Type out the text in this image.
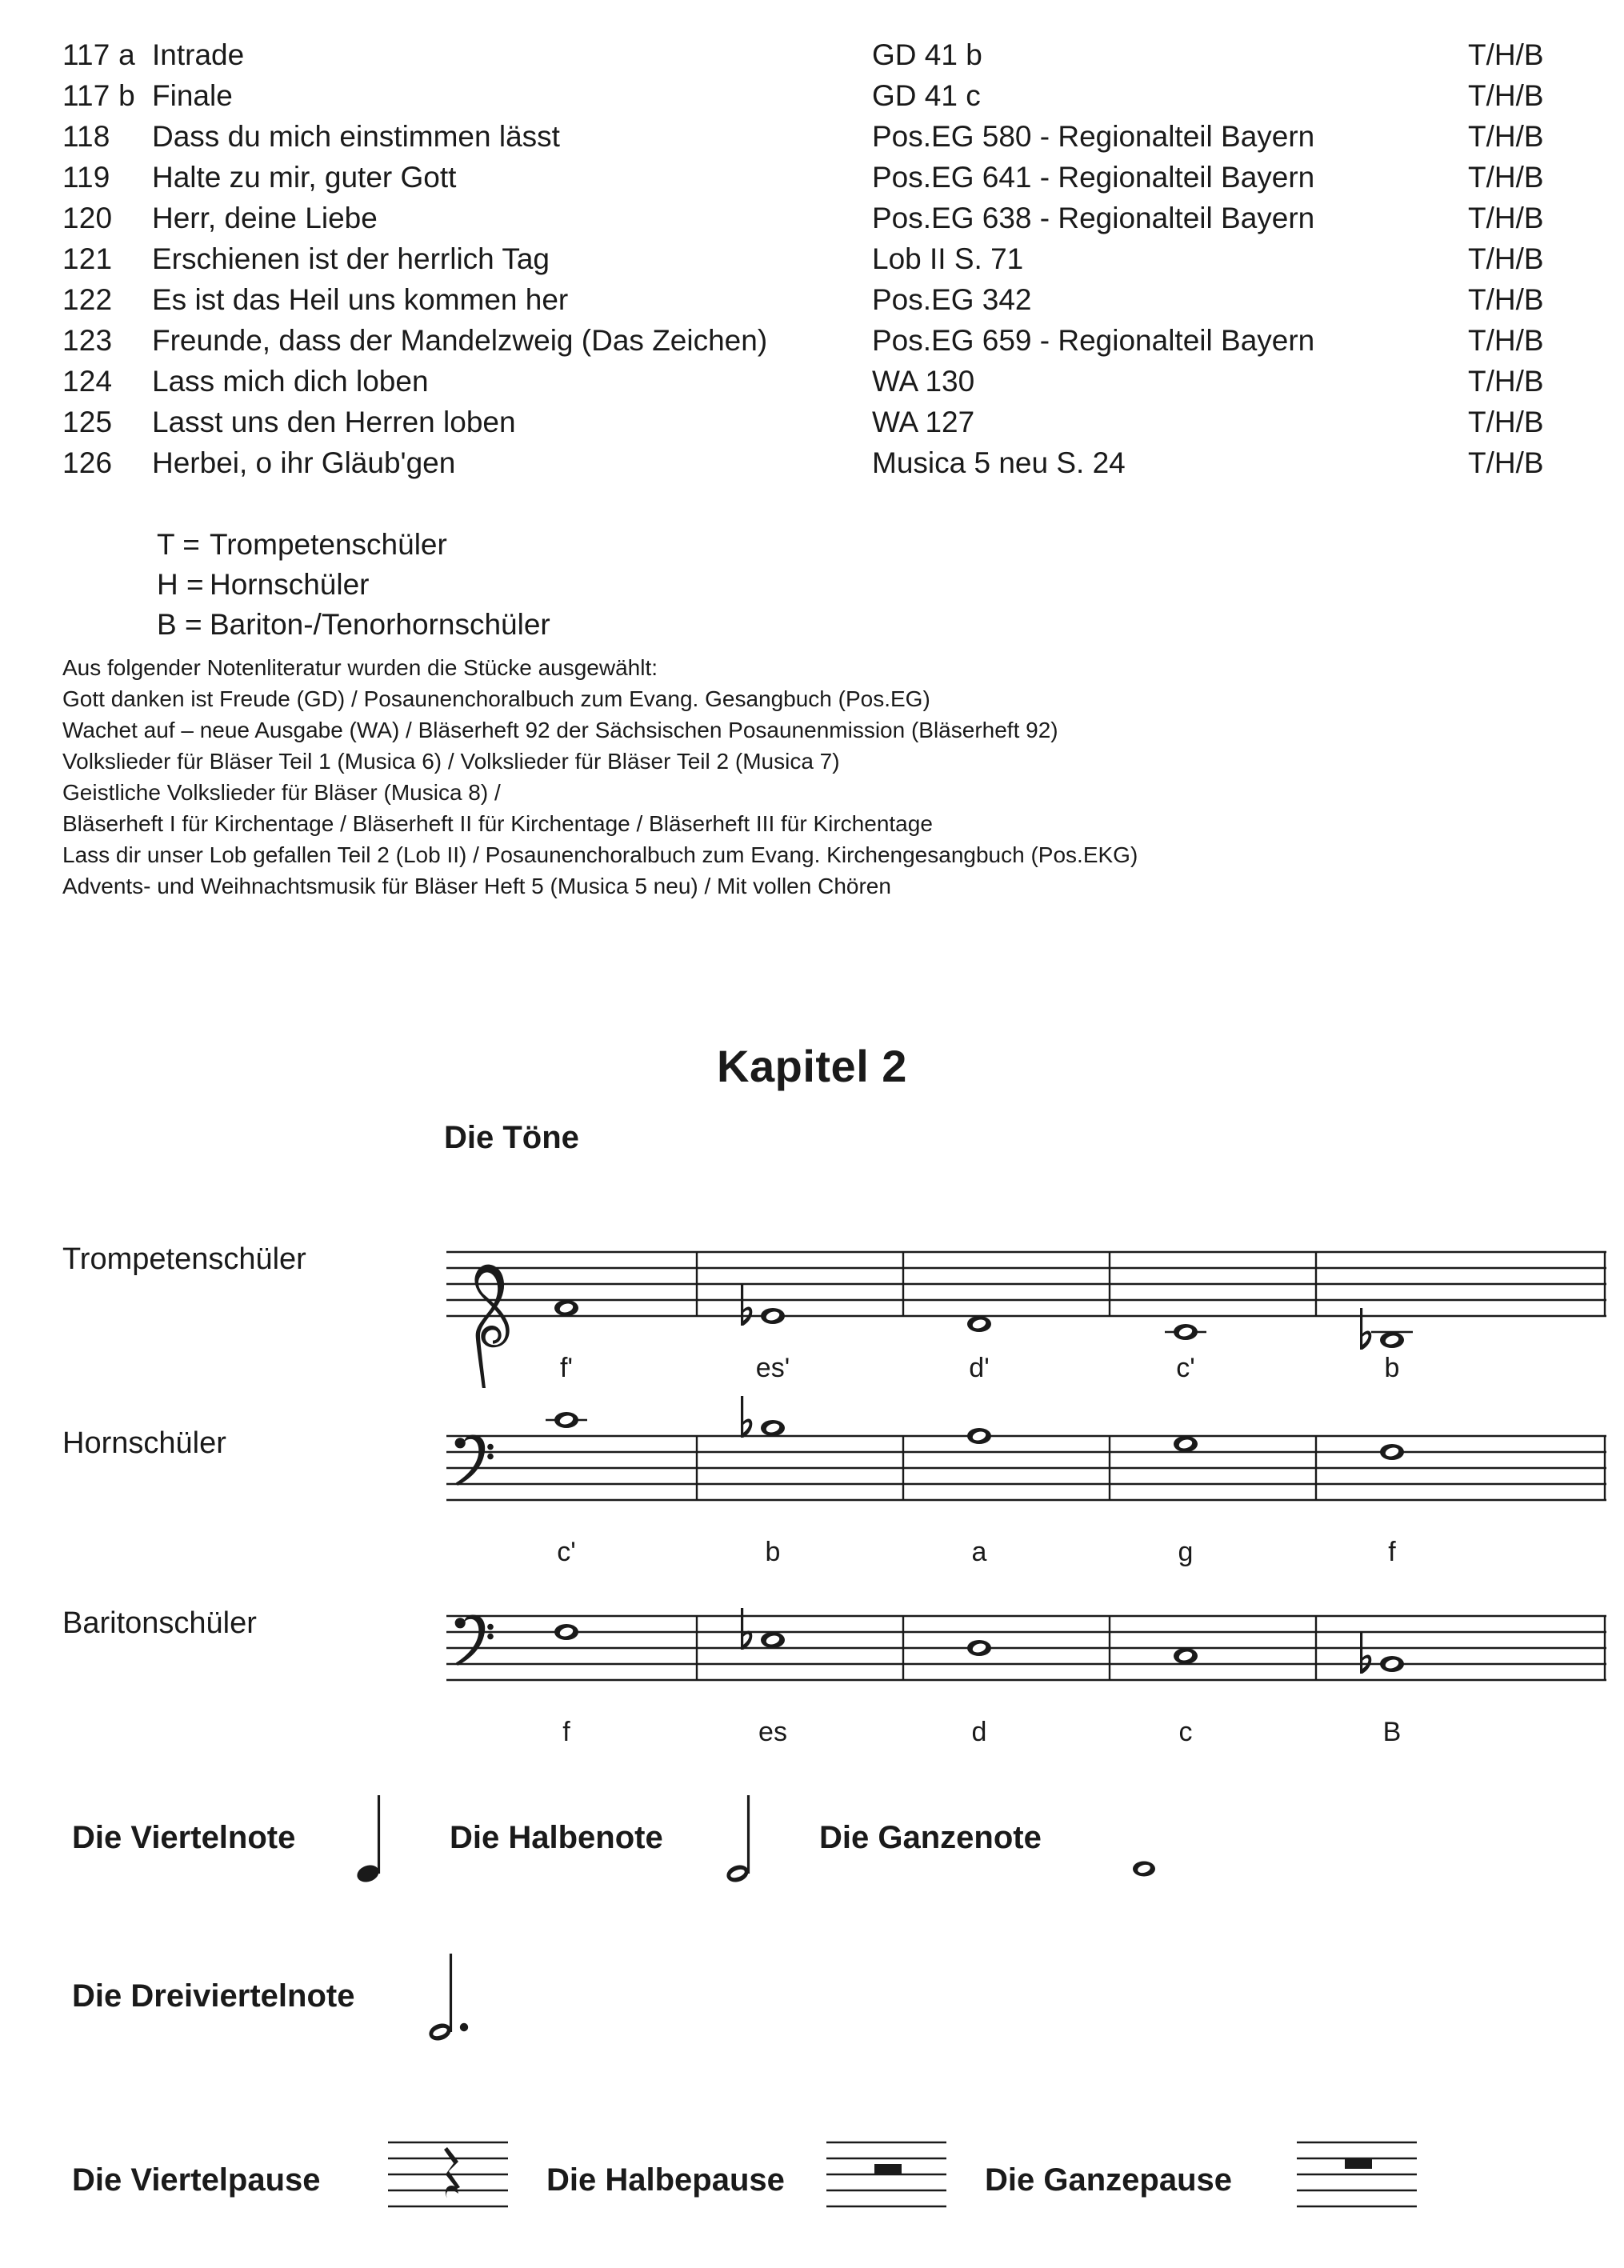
117 a Intrade	GD 41 b	T/H/B
117 b Finale	GD 41 c	T/H/B
118	Dass du mich einstimmen lässt	Pos.EG 580 - Regionalteil Bayern	T/H/B
119	Halte zu mir, guter Gott	Pos.EG 641 - Regionalteil Bayern	T/H/B
120	Herr, deine Liebe	Pos.EG 638 - Regionalteil Bayern	T/H/B
121	Erschienen ist der herrlich Tag	Lob II S. 71	T/H/B
122	Es ist das Heil uns kommen her	Pos.EG 342	T/H/B
123	Freunde, dass der Mandelzweig (Das Zeichen)	Pos.EG 659 - Regionalteil Bayern	T/H/B
124	Lass mich dich loben	WA 130	T/H/B
125	Lasst uns den Herren loben	WA 127	T/H/B
126	Herbei, o ihr Gläub'gen	Musica 5 neu S. 24	T/H/B
T = Trompetenschüler
H = Hornschüler
B = Bariton-/Tenorhornschüler
Aus folgender Notenliteratur wurden die Stücke ausgewählt:
Gott danken ist Freude (GD) / Posaunenchoralbuch zum Evang. Gesangbuch (Pos.EG)
Wachet auf – neue Ausgabe (WA) / Bläserheft 92 der Sächsischen Posaunenmission (Bläserheft 92)
Volkslieder für Bläser Teil 1 (Musica 6) / Volkslieder für Bläser Teil 2 (Musica 7)
Geistliche Volkslieder für Bläser (Musica 8) /
Bläserheft I für Kirchentage / Bläserheft II für Kirchentage / Bläserheft III für Kirchentage
Lass dir unser Lob gefallen Teil 2 (Lob II) / Posaunenchoralbuch zum Evang. Kirchengesangbuch (Pos.EKG)
Advents- und Weihnachtsmusik für Bläser Heft 5 (Musica 5 neu) / Mit vollen Chören
Kapitel 2
Die Töne
Trompetenschüler
f'	es'	d'	c'	b
Hornschüler
c'	b	a	g	f
Baritonschüler
f	es	d	c	B
Die Viertelnote	Die Halbenote	Die Ganzenote
Die Dreiviertelnote
Die Viertelpause	Die Halbepause	Die Ganzepause
